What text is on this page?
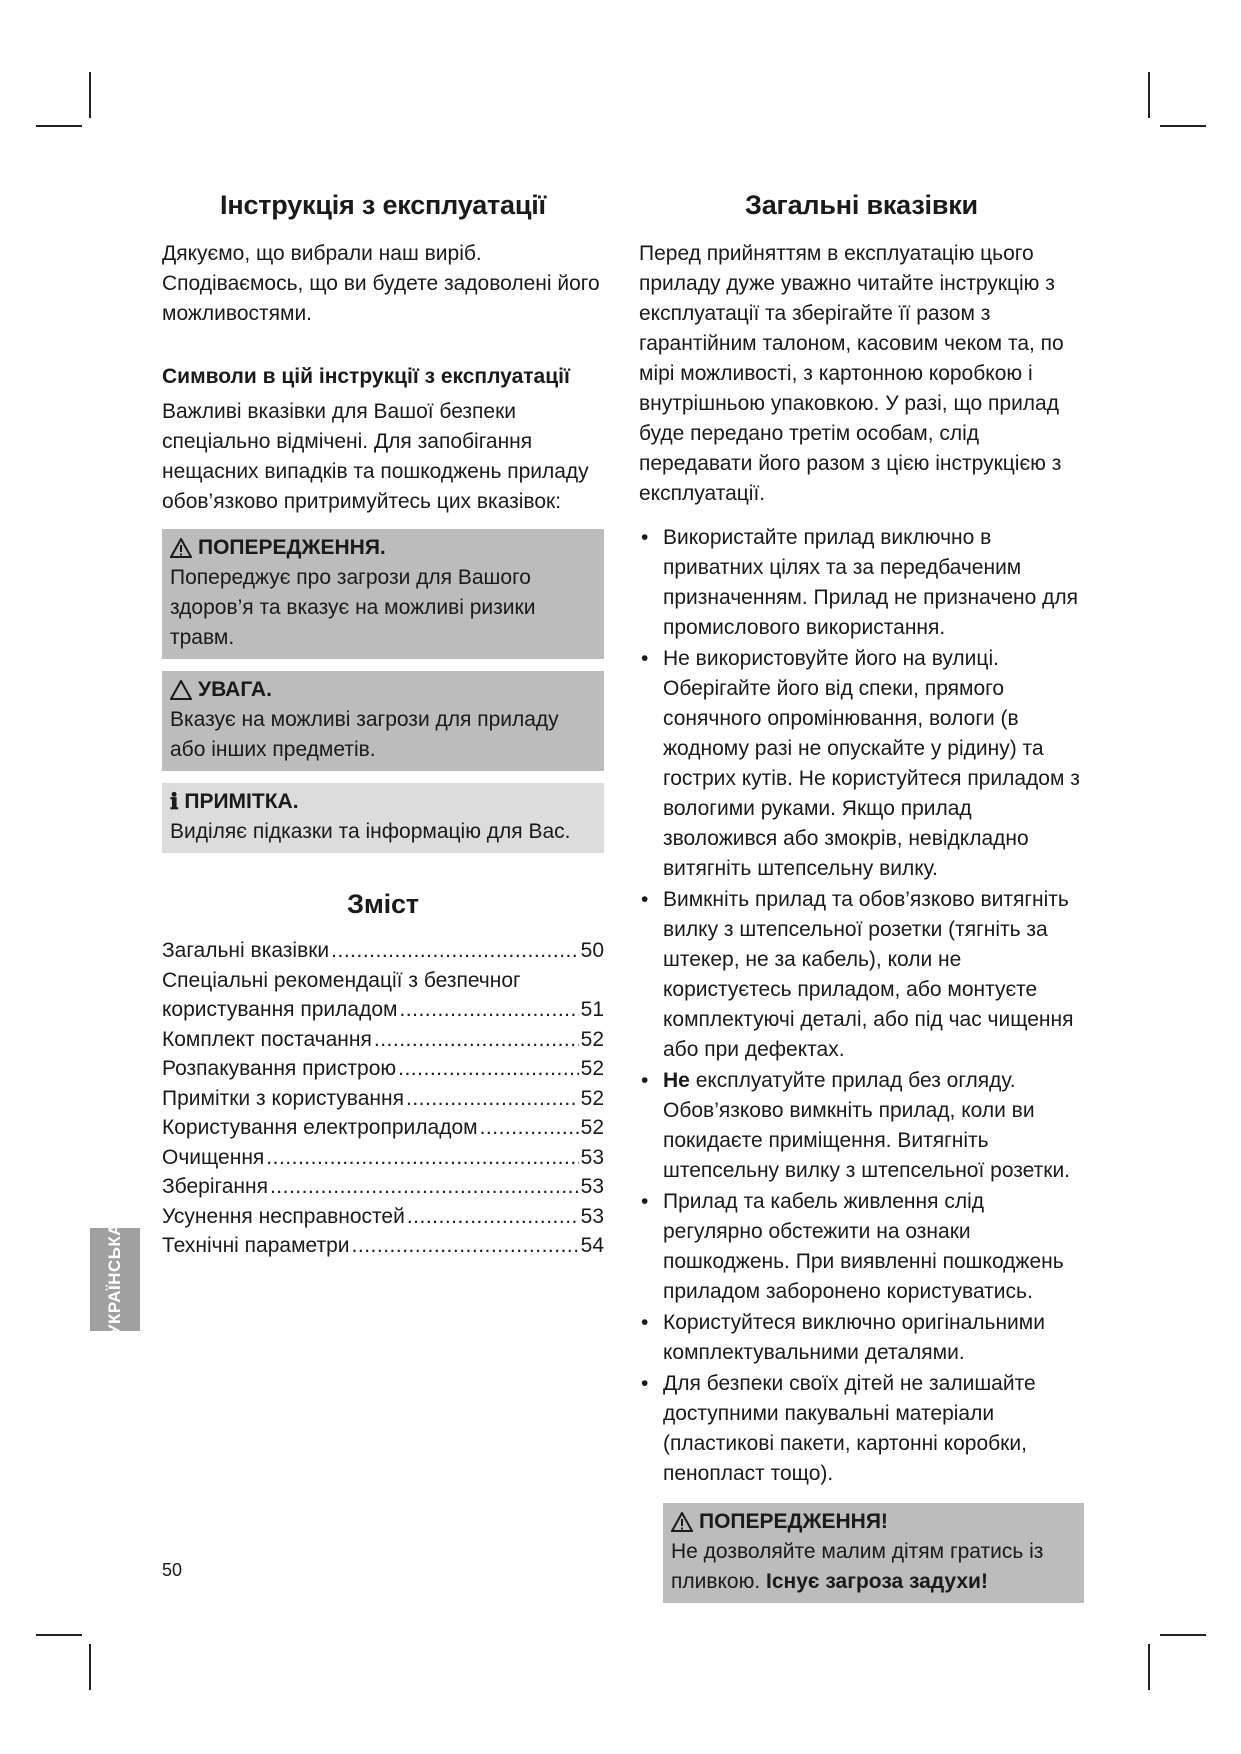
Інструкція з експлуатації

Дякуємо, що вибрали наш виріб. Сподіваємось, що ви будете задоволені його можливостями.

Символи в цій інструкції з експлуатації

Важливі вказівки для Вашої безпеки спеціально відмічені. Для запобігання нещасних випадків та пошкоджень приладу обов’язково притримуйтесь цих вказівок:

ПОПЕРЕДЖЕННЯ.
Попереджує про загрози для Вашого здоров’я та вказує на можливі ризики травм.
УВАГА.
Вказує на можливі загрози для приладу або інших предметів.
ℹ ПРИМІТКА.
Виділяє підказки та інформацію для Вас.
Зміст
Загальні вказівки .....	50
Спеціальні рекомендації з безпечног
користування приладом .....	51
Комплект постачання .....	52
Розпакування пристрою .....	52
Примітки з користування .....	52
Користування електроприладом .....	52
Очищення .....	53
Зберігання .....	53
Усунення несправностей .....	53
Технічні параметри .....	54
Загальні вказівки

Перед прийняттям в експлуатацію цього приладу дуже уважно читайте інструкцію з експлуатації та зберігайте її разом з гарантійним талоном, касовим чеком та, по мірі можливості, з картонною коробкою і внутрішньою упаковкою. У разі, що прилад буде передано третім особам, слід передавати його разом з цією інструкцією з експлуатації.

• Використайте прилад виключно в приватних цілях та за передбаченим призначенням. Прилад не призначено для промислового використання.
• Не використовуйте його на вулиці. Оберігайте його від спеки, прямого сонячного опромінювання, вологи (в жодному разі не опускайте у рідину) та гострих кутів. Не користуйтеся приладом з вологими руками. Якщо прилад зволожився або змокрів, невідкладно витягніть штепсельну вилку.
• Вимкніть прилад та обов’язково витягніть вилку з штепсельної розетки (тягніть за штекер, не за кабель), коли не користуєтесь приладом, або монтуєте комплектуючі деталі, або під час чищення або при дефектах.
• Не експлуатуйте прилад без огляду. Обов’язково вимкніть прилад, коли ви покидаєте приміщення. Витягніть штепсельну вилку з штепсельної розетки.
• Прилад та кабель живлення слід регулярно обстежити на ознаки пошкоджень. При виявленні пошкоджень приладом заборонено користуватись.
• Користуйтеся виключно оригінальними комплектувальними деталями.
• Для безпеки своїх дітей не залишайте доступними пакувальні матеріали (пластикові пакети, картонні коробки, пенопласт тощо).
ПОПЕРЕДЖЕННЯ!
Не дозволяйте малим дітям гратись із пливкою. Існує загроза задухи!
УКРАЇНСЬКА
50
